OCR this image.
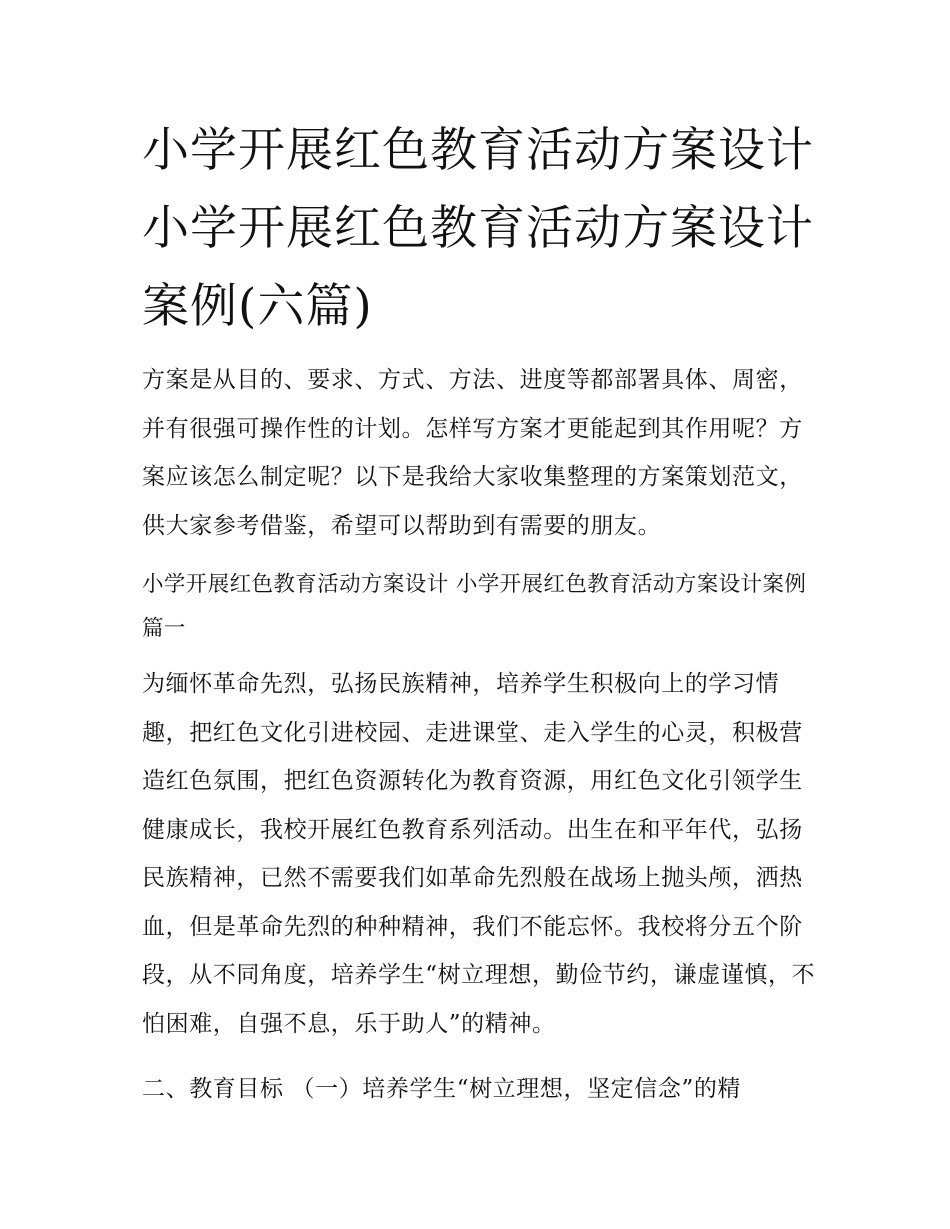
小学开展红色教育活动方案设计 小学开展红色教育活动方案设计案例(六篇)

方案是从目的、要求、方式、方法、进度等都部署具体、周密，并有很强可操作性的计划。怎样写方案才更能起到其作用呢？方案应该怎么制定呢？以下是我给大家收集整理的方案策划范文，供大家参考借鉴，希望可以帮助到有需要的朋友。

小学开展红色教育活动方案设计 小学开展红色教育活动方案设计案例篇一

为缅怀革命先烈，弘扬民族精神，培养学生积极向上的学习情趣，把红色文化引进校园、走进课堂、走入学生的心灵，积极营造红色氛围，把红色资源转化为教育资源，用红色文化引领学生健康成长，我校开展红色教育系列活动。出生在和平年代，弘扬民族精神，已然不需要我们如革命先烈般在战场上抛头颅，洒热血，但是革命先烈的种种精神，我们不能忘怀。我校将分五个阶段，从不同角度，培养学生“树立理想，勤俭节约，谦虚谨慎，不怕困难，自强不息，乐于助人”的精神。

二、教育目标 （一）培养学生“树立理想，坚定信念”的精
